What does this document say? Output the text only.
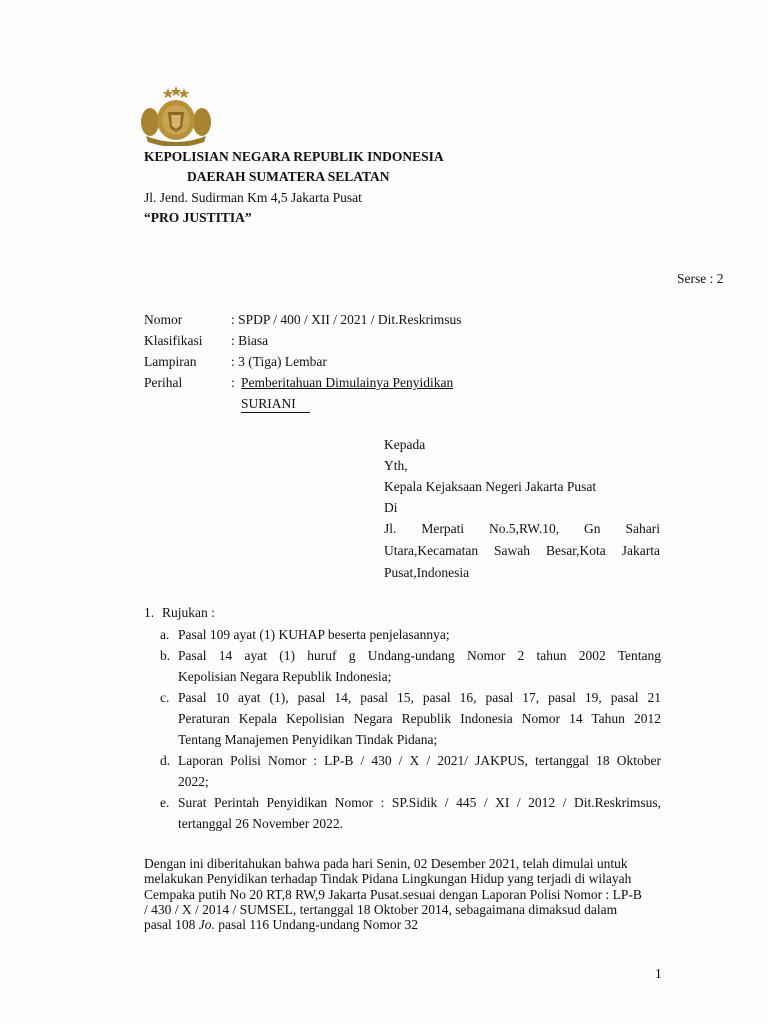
KEPOLISIAN NEGARA REPUBLIK INDONESIA
DAERAH SUMATERA SELATAN
Jl. Jend. Sudirman Km 4,5 Jakarta Pusat
“PRO JUSTITIA”
Serse : 2
Nomor	: SPDP / 400 / XII / 2021 / Dit.Reskrimsus
Klasifikasi : Biasa
Lampiran	: 3 (Tiga) Lembar
Perihal	: Pemberitahuan Dimulainya Penyidikan
SURIANI
Kepada
Yth,
Kepala Kejaksaan Negeri Jakarta Pusat
Di
Jl. Merpati No.5,RW.10, Gn Sahari
Utara,Kecamatan Sawah Besar,Kota Jakarta
Pusat,Indonesia
1. Rujukan :
a. Pasal 109 ayat (1) KUHAP beserta penjelasannya;
b. Pasal 14 ayat (1) huruf g Undang-undang Nomor 2 tahun 2002 Tentang
Kepolisian Negara Republik Indonesia;
c. Pasal 10 ayat (1), pasal 14, pasal 15, pasal 16, pasal 17, pasal 19, pasal 21
Peraturan Kepala Kepolisian Negara Republik Indonesia Nomor 14 Tahun 2012
Tentang Manajemen Penyidikan Tindak Pidana;
d. Laporan Polisi Nomor : LP-B / 430 / X / 2021/ JAKPUS, tertanggal 18 Oktober
2022;
e. Surat Perintah Penyidikan Nomor : SP.Sidik / 445 / XI / 2012 / Dit.Reskrimsus,
tertanggal 26 November 2022.
Dengan ini diberitahukan bahwa pada hari Senin, 02 Desember 2021, telah dimulai untuk melakukan Penyidikan terhadap Tindak Pidana Lingkungan Hidup yang terjadi di wilayah Cempaka putih No 20 RT,8 RW,9 Jakarta Pusat.sesuai dengan Laporan Polisi Nomor : LP-B / 430 / X / 2014 / SUMSEL, tertanggal 18 Oktober 2014, sebagaimana dimaksud dalam pasal 108 Jo. pasal 116 Undang-undang Nomor 32
1
